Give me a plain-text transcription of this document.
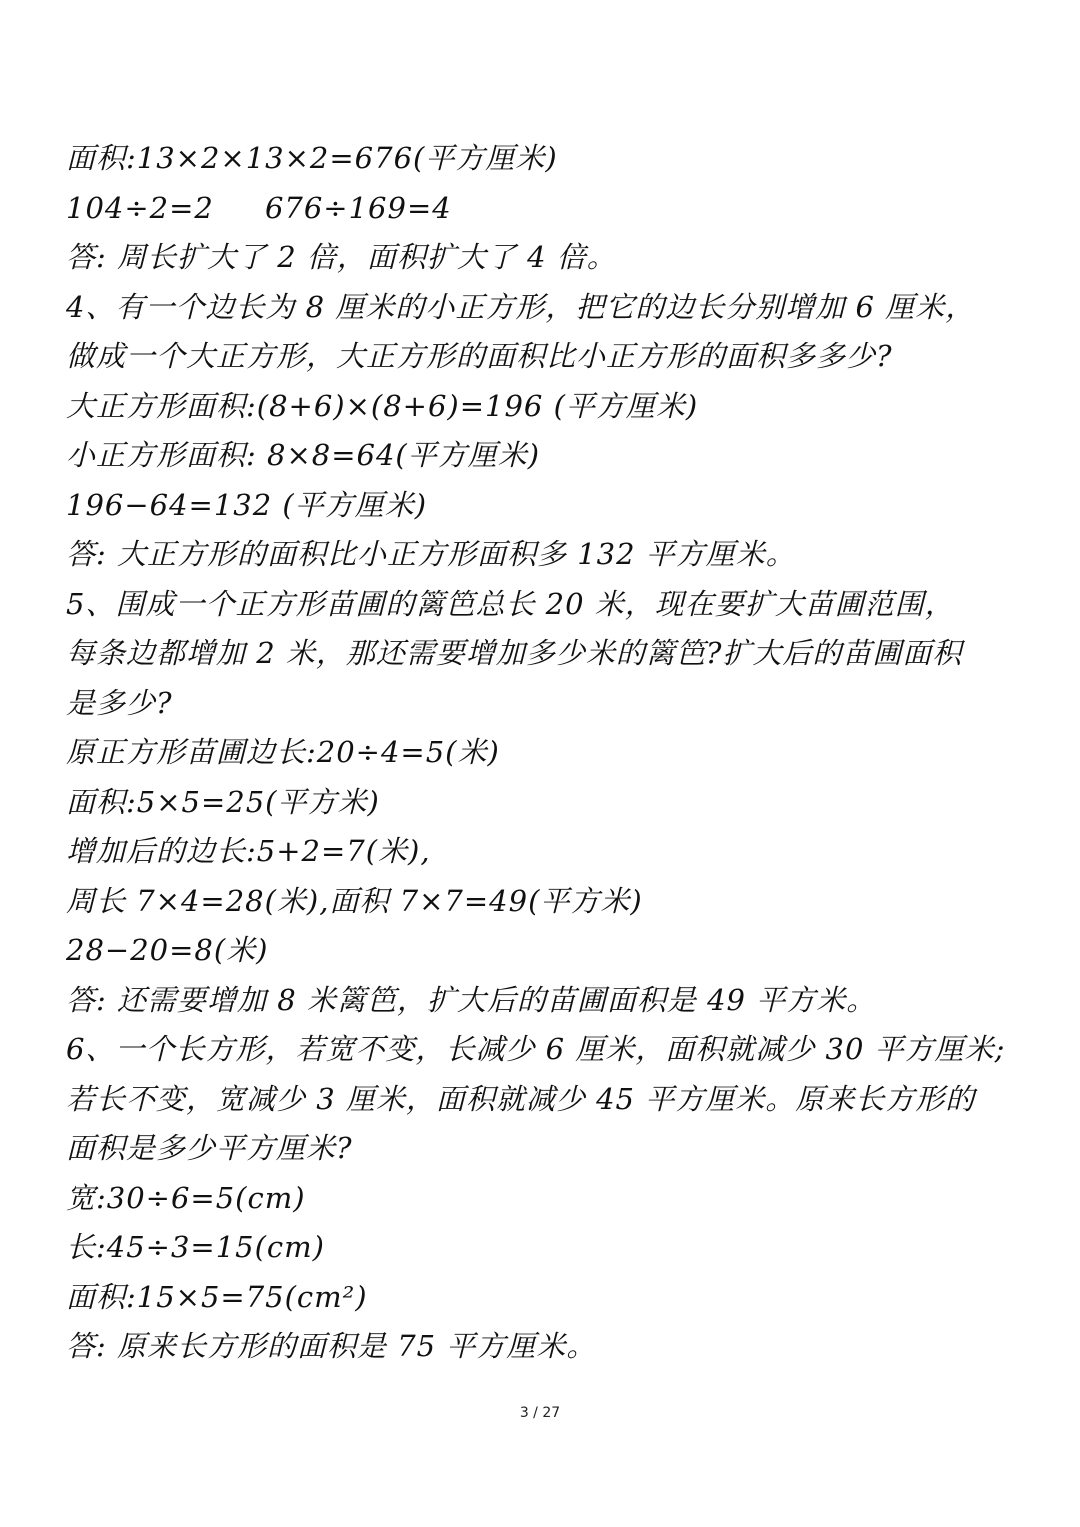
面积:13×2×13×2=676(平方厘米)
104÷2=2     676÷169=4
答: 周长扩大了 2 倍，面积扩大了 4 倍。
4、有一个边长为 8 厘米的小正方形，把它的边长分别增加 6 厘米，
做成一个大正方形，大正方形的面积比小正方形的面积多多少?
大正方形面积:(8+6)×(8+6)=196 (平方厘米)
小正方形面积: 8×8=64(平方厘米)
196−64=132 (平方厘米)
答: 大正方形的面积比小正方形面积多 132 平方厘米。
5、围成一个正方形苗圃的篱笆总长 20 米，现在要扩大苗圃范围，
每条边都增加 2 米，那还需要增加多少米的篱笆?扩大后的苗圃面积
是多少?
原正方形苗圃边长:20÷4=5(米)
面积:5×5=25(平方米)
增加后的边长:5+2=7(米),
周长 7×4=28(米),面积 7×7=49(平方米)
28−20=8(米)
答: 还需要增加 8 米篱笆，扩大后的苗圃面积是 49 平方米。
6、一个长方形，若宽不变，长减少 6 厘米，面积就减少 30 平方厘米;
若长不变，宽减少 3 厘米，面积就减少 45 平方厘米。原来长方形的
面积是多少平方厘米?
宽:30÷6=5(cm)
长:45÷3=15(cm)
面积:15×5=75(cm²)
答: 原来长方形的面积是 75 平方厘米。
3 / 27
